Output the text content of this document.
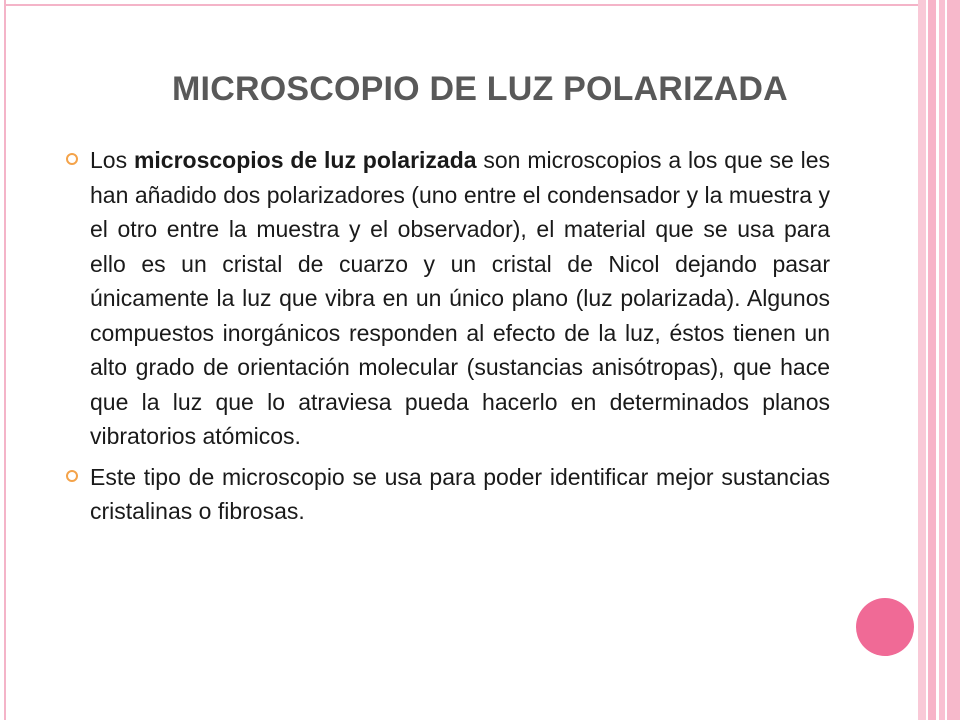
MICROSCOPIO DE LUZ POLARIZADA

Los microscopios de luz polarizada son microscopios a los que se les han añadido dos polarizadores (uno entre el condensador y la muestra y el otro entre la muestra y el observador), el material que se usa para ello es un cristal de cuarzo y un cristal de Nicol dejando pasar únicamente la luz que vibra en un único plano (luz polarizada). Algunos compuestos inorgánicos responden al efecto de la luz, éstos tienen un alto grado de orientación molecular (sustancias anisótropas), que hace que la luz que lo atraviesa pueda hacerlo en determinados planos vibratorios atómicos.

Este tipo de microscopio se usa para poder identificar mejor sustancias cristalinas o fibrosas.
